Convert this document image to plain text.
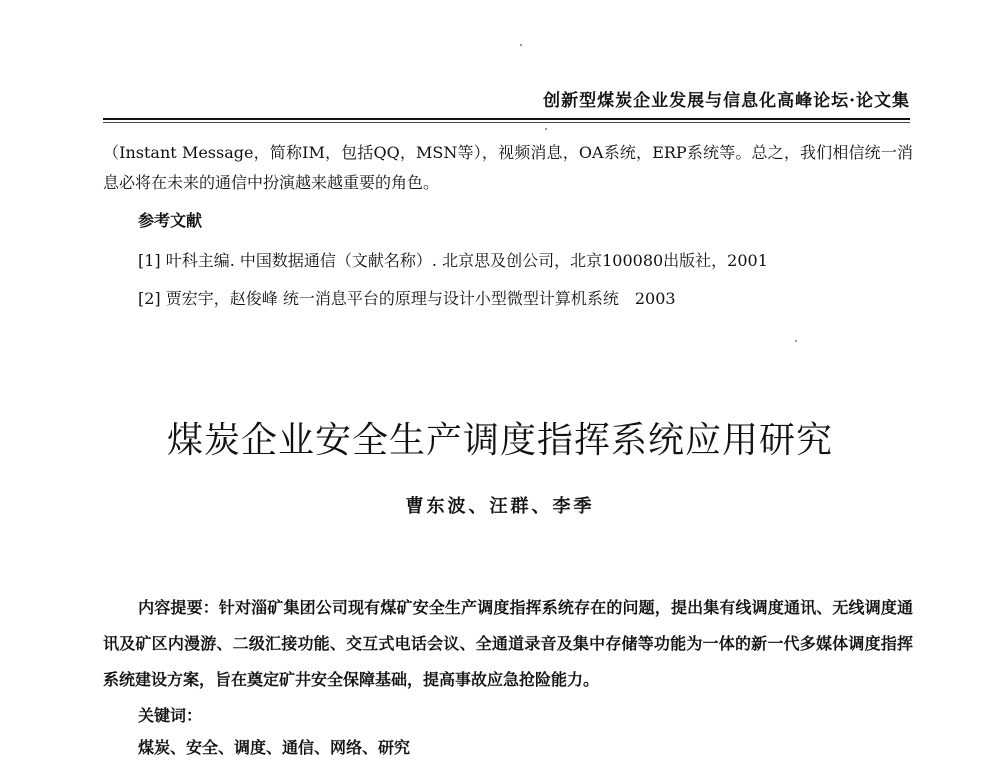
创新型煤炭企业发展与信息化高峰论坛·论文集
（Instant Message，简称IM，包括QQ，MSN等），视频消息，OA系统，ERP系统等。总之，我们相信统一消息必将在未来的通信中扮演越来越重要的角色。
参考文献
[1] 叶科主编. 中国数据通信（文献名称）. 北京思及创公司，北京100080出版社，2001
[2] 贾宏宇，赵俊峰 统一消息平台的原理与设计小型微型计算机系统　2003
煤炭企业安全生产调度指挥系统应用研究
曹东波、汪群、李季
内容提要：针对淄矿集团公司现有煤矿安全生产调度指挥系统存在的问题，提出集有线调度通讯、无线调度通讯及矿区内漫游、二级汇接功能、交互式电话会议、全通道录音及集中存储等功能为一体的新一代多媒体调度指挥系统建设方案，旨在奠定矿井安全保障基础，提高事故应急抢险能力。
关键词：
煤炭、安全、调度、通信、网络、研究
